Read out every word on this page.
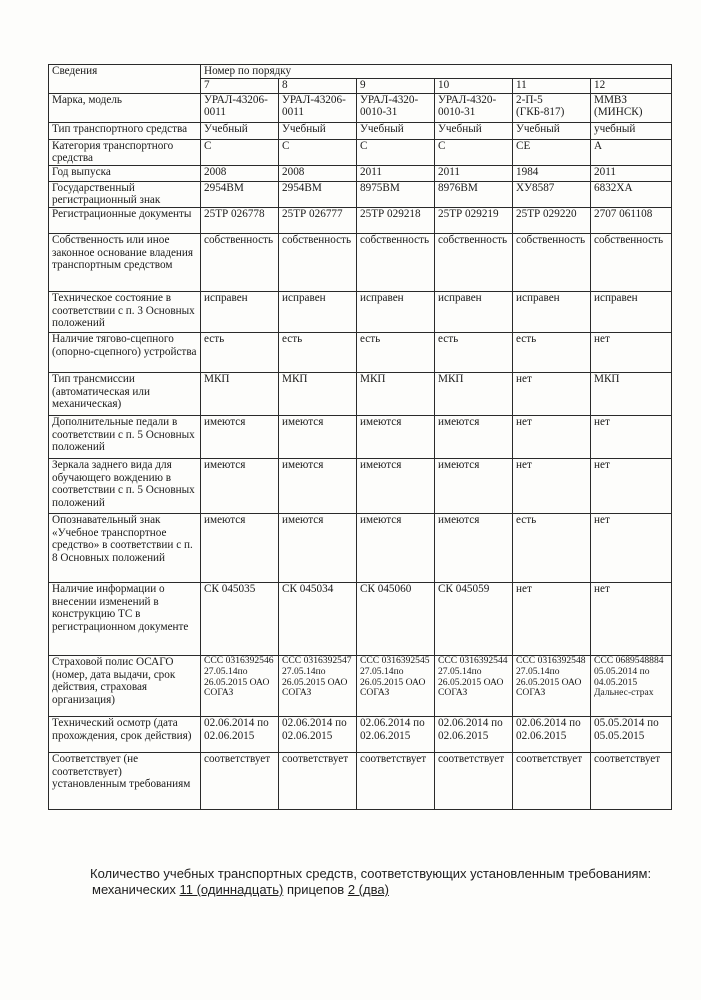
Сведения	Номер по порядку					
	7	8	9	10	11	12
Марка, модель	УРАЛ-43206-0011	УРАЛ-43206-0011	УРАЛ-4320-0010-31	УРАЛ-4320-0010-31	2-П-5 (ГКБ-817)	ММВЗ (МИНСК)
Тип транспортного средства	Учебный	Учебный	Учебный	Учебный	Учебный	учебный
Категория транспортного средства	С	С	С	С	СЕ	А
Год выпуска	2008	2008	2011	2011	1984	2011
Государственный регистрационный знак	2954ВМ	2954ВМ	8975ВМ	8976ВМ	ХУ8587	6832ХА
Регистрационные документы	25ТР 026778	25ТР 026777	25ТР 029218	25ТР 029219	25ТР 029220	2707 061108
Собственность или иное законное основание владения транспортным средством	собственность	собственность	собственность	собственность	собственность	собственность
Техническое состояние в соответствии с п. 3 Основных положений	исправен	исправен	исправен	исправен	исправен	исправен
Наличие тягово-сцепного (опорно-сцепного) устройства	есть	есть	есть	есть	есть	нет
Тип трансмиссии (автоматическая или механическая)	МКП	МКП	МКП	МКП	нет	МКП
Дополнительные педали в соответствии с п. 5 Основных положений	имеются	имеются	имеются	имеются	нет	нет
Зеркала заднего вида для обучающего вождению в соответствии с п. 5 Основных положений	имеются	имеются	имеются	имеются	нет	нет
Опознавательный знак «Учебное транспортное средство» в соответствии с п. 8 Основных положений	имеются	имеются	имеются	имеются	есть	нет
Наличие информации о внесении изменений в конструкцию ТС в регистрационном документе	СК 045035	СК 045034	СК 045060	СК 045059	нет	нет
Страховой полис ОСАГО (номер, дата выдачи, срок действия, страховая организация)	ССС 0316392546 27.05.14по 26.05.2015 ОАО СОГАЗ	ССС 0316392547 27.05.14по 26.05.2015 ОАО СОГАЗ	ССС 0316392545 27.05.14по 26.05.2015 ОАО СОГАЗ	ССС 0316392544 27.05.14по 26.05.2015 ОАО СОГАЗ	ССС 0316392548 27.05.14по 26.05.2015 ОАО СОГАЗ	ССС 0689548884 05.05.2014 по 04.05.2015 Дальнес-страх
Технический осмотр (дата прохождения, срок действия)	02.06.2014 по 02.06.2015	02.06.2014 по 02.06.2015	02.06.2014 по 02.06.2015	02.06.2014 по 02.06.2015	02.06.2014 по 02.06.2015	05.05.2014 по 05.05.2015
Соответствует (не соответствует) установленным требованиям	соответствует	соответствует	соответствует	соответствует	соответствует	соответствует
Количество учебных транспортных средств, соответствующих установленным требованиям:
механических 11 (одиннадцать) прицепов 2 (два)
